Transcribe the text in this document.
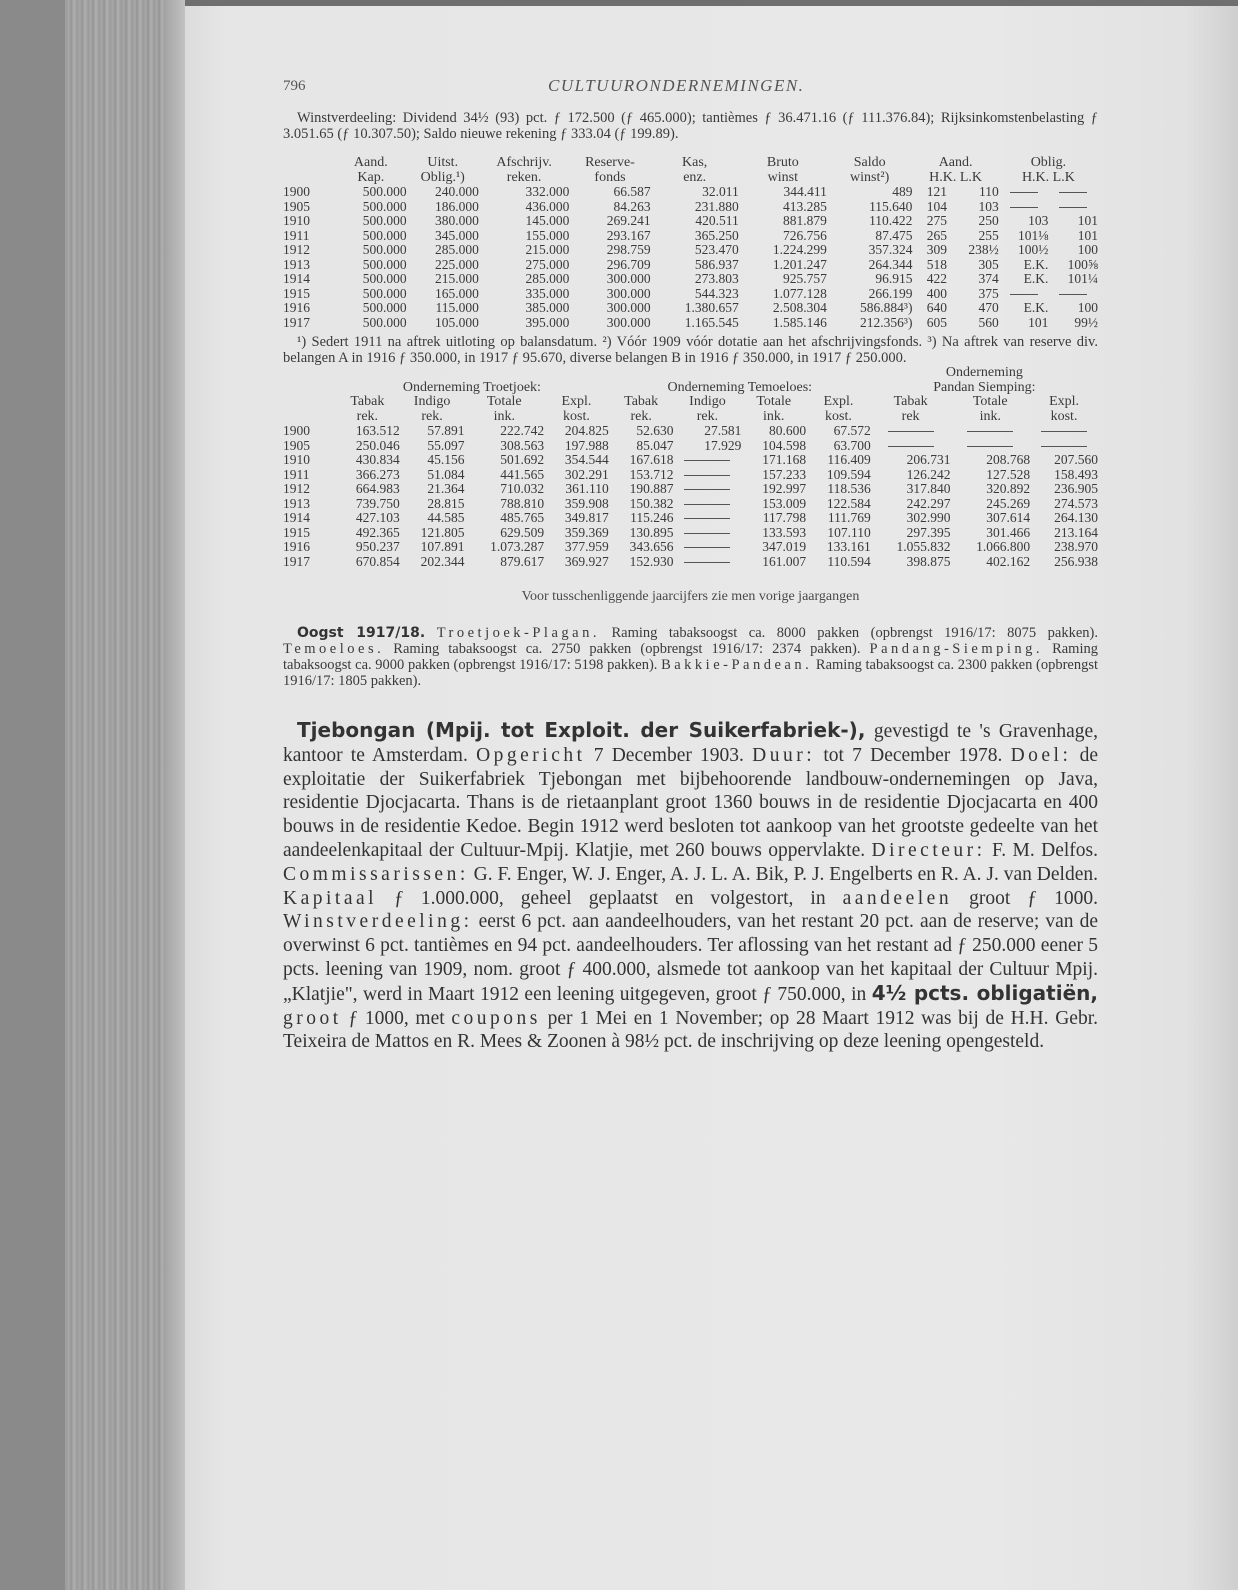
796	CULTUURONDERNEMINGEN.

Winstverdeeling: Dividend 34½ (93) pct. ƒ 172.500 (ƒ 465.000); tantièmes ƒ 36.471.16 (ƒ 111.376.84); Rijksinkomstenbelasting ƒ 3.051.65 (ƒ 10.307.50); Saldo nieuwe rekening ƒ 333.04 (ƒ 199.89).

	Aand.	Uitst.	Afschrijv.	Reserve-	Kas,	Bruto	Saldo	Aand.		Oblig.	
	Kap.	Oblig.¹)	reken.	fonds	enz.	winst	winst²)	H.K. L.K		H.K. L.K	
1900	500.000	240.000	332.000	66.587	32.011	344.411	489	121	110		
1905	500.000	186.000	436.000	84.263	231.880	413.285	115.640	104	103		
1910	500.000	380.000	145.000	269.241	420.511	881.879	110.422	275	250	103	101
1911	500.000	345.000	155.000	293.167	365.250	726.756	87.475	265	255	101⅛	101
1912	500.000	285.000	215.000	298.759	523.470	1.224.299	357.324	309	238½	100½	100
1913	500.000	225.000	275.000	296.709	586.937	1.201.247	264.344	518	305	E.K.	100⅝
1914	500.000	215.000	285.000	300.000	273.803	925.757	96.915	422	374	E.K.	101¼
1915	500.000	165.000	335.000	300.000	544.323	1.077.128	266.199	400	375		
1916	500.000	115.000	385.000	300.000	1.380.657	2.508.304	586.884³)	640	470	E.K.	100
1917	500.000	105.000	395.000	300.000	1.165.545	1.585.146	212.356³)	605	560	101	99½

¹) Sedert 1911 na aftrek uitloting op balansdatum. ²) Vóór 1909 vóór dotatie aan het afschrijvingsfonds. ³) Na aftrek van reserve div. belangen A in 1916 ƒ 350.000, in 1917 ƒ 95.670, diverse belangen B in 1916 ƒ 350.000, in 1917 ƒ 250.000.

									Onderneming		
	Onderneming Troetjoek:				Onderneming Temoeloes:				Pandan Siemping:		
	Tabak	Indigo	Totale	Expl.	Tabak	Indigo	Totale	Expl.	Tabak	Totale	Expl.
	rek.	rek.	ink.	kost.	rek.	rek.	ink.	kost.	rek	ink.	kost.
1900	163.512	57.891	222.742	204.825	52.630	27.581	80.600	67.572			
1905	250.046	55.097	308.563	197.988	85.047	17.929	104.598	63.700			
1910	430.834	45.156	501.692	354.544	167.618		171.168	116.409	206.731	208.768	207.560
1911	366.273	51.084	441.565	302.291	153.712		157.233	109.594	126.242	127.528	158.493
1912	664.983	21.364	710.032	361.110	190.887		192.997	118.536	317.840	320.892	236.905
1913	739.750	28.815	788.810	359.908	150.382		153.009	122.584	242.297	245.269	274.573
1914	427.103	44.585	485.765	349.817	115.246		117.798	111.769	302.990	307.614	264.130
1915	492.365	121.805	629.509	359.369	130.895		133.593	107.110	297.395	301.466	213.164
1916	950.237	107.891	1.073.287	377.959	343.656		347.019	133.161	1.055.832	1.066.800	238.970
1917	670.854	202.344	879.617	369.927	152.930		161.007	110.594	398.875	402.162	256.938

Voor tusschenliggende jaarcijfers zie men vorige jaargangen

Oogst 1917/18. Troetjoek-Plagan. Raming tabaksoogst ca. 8000 pakken (opbrengst 1916/17: 8075 pakken). Temoeloes. Raming tabaksoogst ca. 2750 pakken (opbrengst 1916/17: 2374 pakken). Pandang-Siemping. Raming tabaksoogst ca. 9000 pakken (opbrengst 1916/17: 5198 pakken). Bakkie-Pandean. Raming tabaksoogst ca. 2300 pakken (opbrengst 1916/17: 1805 pakken).

Tjebongan (Mpij. tot Exploit. der Suikerfabriek-), gevestigd te 's Gravenhage, kantoor te Amsterdam. Opgericht 7 December 1903. Duur: tot 7 December 1978. Doel: de exploitatie der Suikerfabriek Tjebongan met bijbehoorende landbouw-ondernemingen op Java, residentie Djocjacarta. Thans is de rietaanplant groot 1360 bouws in de residentie Djocjacarta en 400 bouws in de residentie Kedoe. Begin 1912 werd besloten tot aankoop van het grootste gedeelte van het aandeelenkapitaal der Cultuur-Mpij. Klatjie, met 260 bouws oppervlakte. Directeur: F. M. Delfos. Commissarissen: G. F. Enger, W. J. Enger, A. J. L. A. Bik, P. J. Engelberts en R. A. J. van Delden. Kapitaal ƒ 1.000.000, geheel geplaatst en volgestort, in aandeelen groot ƒ 1000. Winstverdeeling: eerst 6 pct. aan aandeelhouders, van het restant 20 pct. aan de reserve; van de overwinst 6 pct. tantièmes en 94 pct. aandeelhouders. Ter aflossing van het restant ad ƒ 250.000 eener 5 pcts. leening van 1909, nom. groot ƒ 400.000, alsmede tot aankoop van het kapitaal der Cultuur Mpij. „Klatjie", werd in Maart 1912 een leening uitgegeven, groot ƒ 750.000, in 4½ pcts. obligatiën, groot ƒ 1000, met coupons per 1 Mei en 1 November; op 28 Maart 1912 was bij de H.H. Gebr. Teixeira de Mattos en R. Mees & Zoonen à 98½ pct. de inschrijving op deze leening opengesteld.
